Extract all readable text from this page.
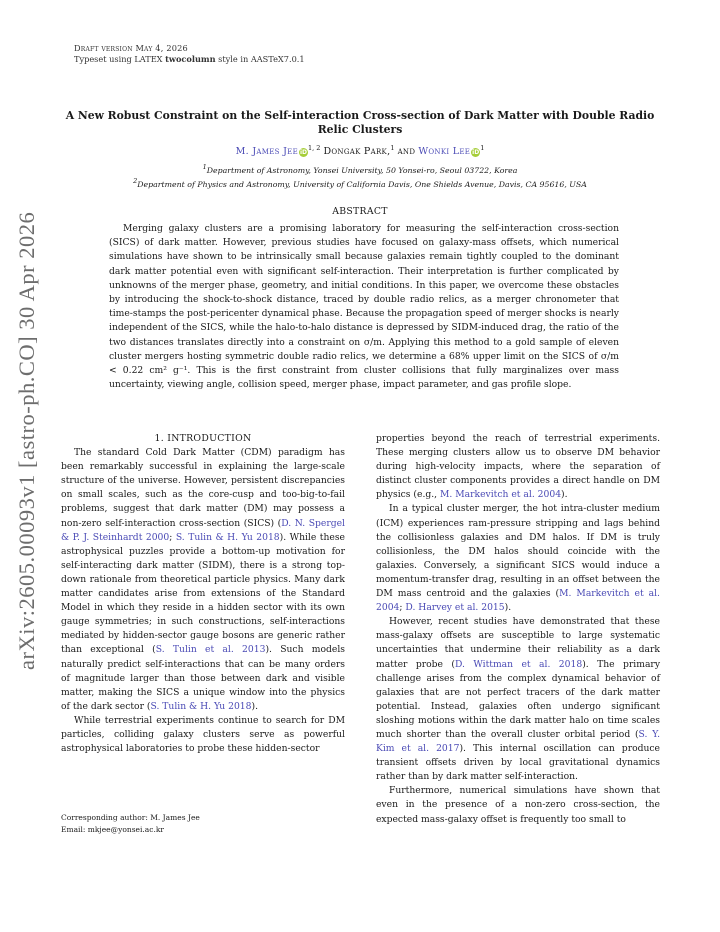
Draft version May 4, 2026
Typeset using LATEX twocolumn style in AASTeX7.0.1
arXiv:2605.00093v1 [astro-ph.CO] 30 Apr 2026
A New Robust Constraint on the Self-interaction Cross-section of Dark Matter with Double Radio Relic Clusters
M. James Jee iD$^{1, 2}$ Dongak Park,$^1$ and Wonki Lee $iD^1$
$^1$Department of Astronomy, Yonsei University, 50 Yonsei-ro, Seoul 03722, Korea
$^2$Department of Physics and Astronomy, University of California Davis, One Shields Avenue, Davis, CA 95616, USA
ABSTRACT

Merging galaxy clusters are a promising laboratory for measuring the self-interaction cross-section (SICS) of dark matter. However, previous studies have focused on galaxy-mass offsets, which numerical simulations have shown to be intrinsically small because galaxies remain tightly coupled to the dominant dark matter potential even with significant self-interaction. Their interpretation is further complicated by unknowns of the merger phase, geometry, and initial conditions. In this paper, we overcome these obstacles by introducing the shock-to-shock distance, traced by double radio relics, as a merger chronometer that time-stamps the post-pericenter dynamical phase. Because the propagation speed of merger shocks is nearly independent of the SICS, while the halo-to-halo distance is depressed by SIDM-induced drag, the ratio of the two distances translates directly into a constraint on σ/m. Applying this method to a gold sample of eleven cluster mergers hosting symmetric double radio relics, we determine a 68% upper limit on the SICS of σ/m < 0.22 cm² g⁻¹. This is the first constraint from cluster collisions that fully marginalizes over mass uncertainty, viewing angle, collision speed, merger phase, impact parameter, and gas profile slope.

1. INTRODUCTION

The standard Cold Dark Matter (CDM) paradigm has been remarkably successful in explaining the large-scale structure of the universe. However, persistent discrepancies on small scales, such as the core-cusp and too-big-to-fail problems, suggest that dark matter (DM) may possess a non-zero self-interaction cross-section (SICS) (D. N. Spergel & P. J. Steinhardt 2000; S. Tulin & H. Yu 2018). While these astrophysical puzzles provide a bottom-up motivation for self-interacting dark matter (SIDM), there is a strong top-down rationale from theoretical particle physics. Many dark matter candidates arise from extensions of the Standard Model in which they reside in a hidden sector with its own gauge symmetries; in such constructions, self-interactions mediated by hidden-sector gauge bosons are generic rather than exceptional (S. Tulin et al. 2013). Such models naturally predict self-interactions that can be many orders of magnitude larger than those between dark and visible matter, making the SICS a unique window into the physics of the dark sector (S. Tulin & H. Yu 2018).

While terrestrial experiments continue to search for DM particles, colliding galaxy clusters serve as powerful astrophysical laboratories to probe these hidden-sector

properties beyond the reach of terrestrial experiments. These merging clusters allow us to observe DM behavior during high-velocity impacts, where the separation of distinct cluster components provides a direct handle on DM physics (e.g., M. Markevitch et al. 2004).

In a typical cluster merger, the hot intra-cluster medium (ICM) experiences ram-pressure stripping and lags behind the collisionless galaxies and DM halos. If DM is truly collisionless, the DM halos should coincide with the galaxies. Conversely, a significant SICS would induce a momentum-transfer drag, resulting in an offset between the DM mass centroid and the galaxies (M. Markevitch et al. 2004; D. Harvey et al. 2015).

However, recent studies have demonstrated that these mass-galaxy offsets are susceptible to large systematic uncertainties that undermine their reliability as a dark matter probe (D. Wittman et al. 2018). The primary challenge arises from the complex dynamical behavior of galaxies that are not perfect tracers of the dark matter potential. Instead, galaxies often undergo significant sloshing motions within the dark matter halo on time scales much shorter than the overall cluster orbital period (S. Y. Kim et al. 2017). This internal oscillation can produce transient offsets driven by local gravitational dynamics rather than by dark matter self-interaction.

Furthermore, numerical simulations have shown that even in the presence of a non-zero cross-section, the expected mass-galaxy offset is frequently too small to

Corresponding author: M. James Jee
Email: mkjee@yonsei.ac.kr
